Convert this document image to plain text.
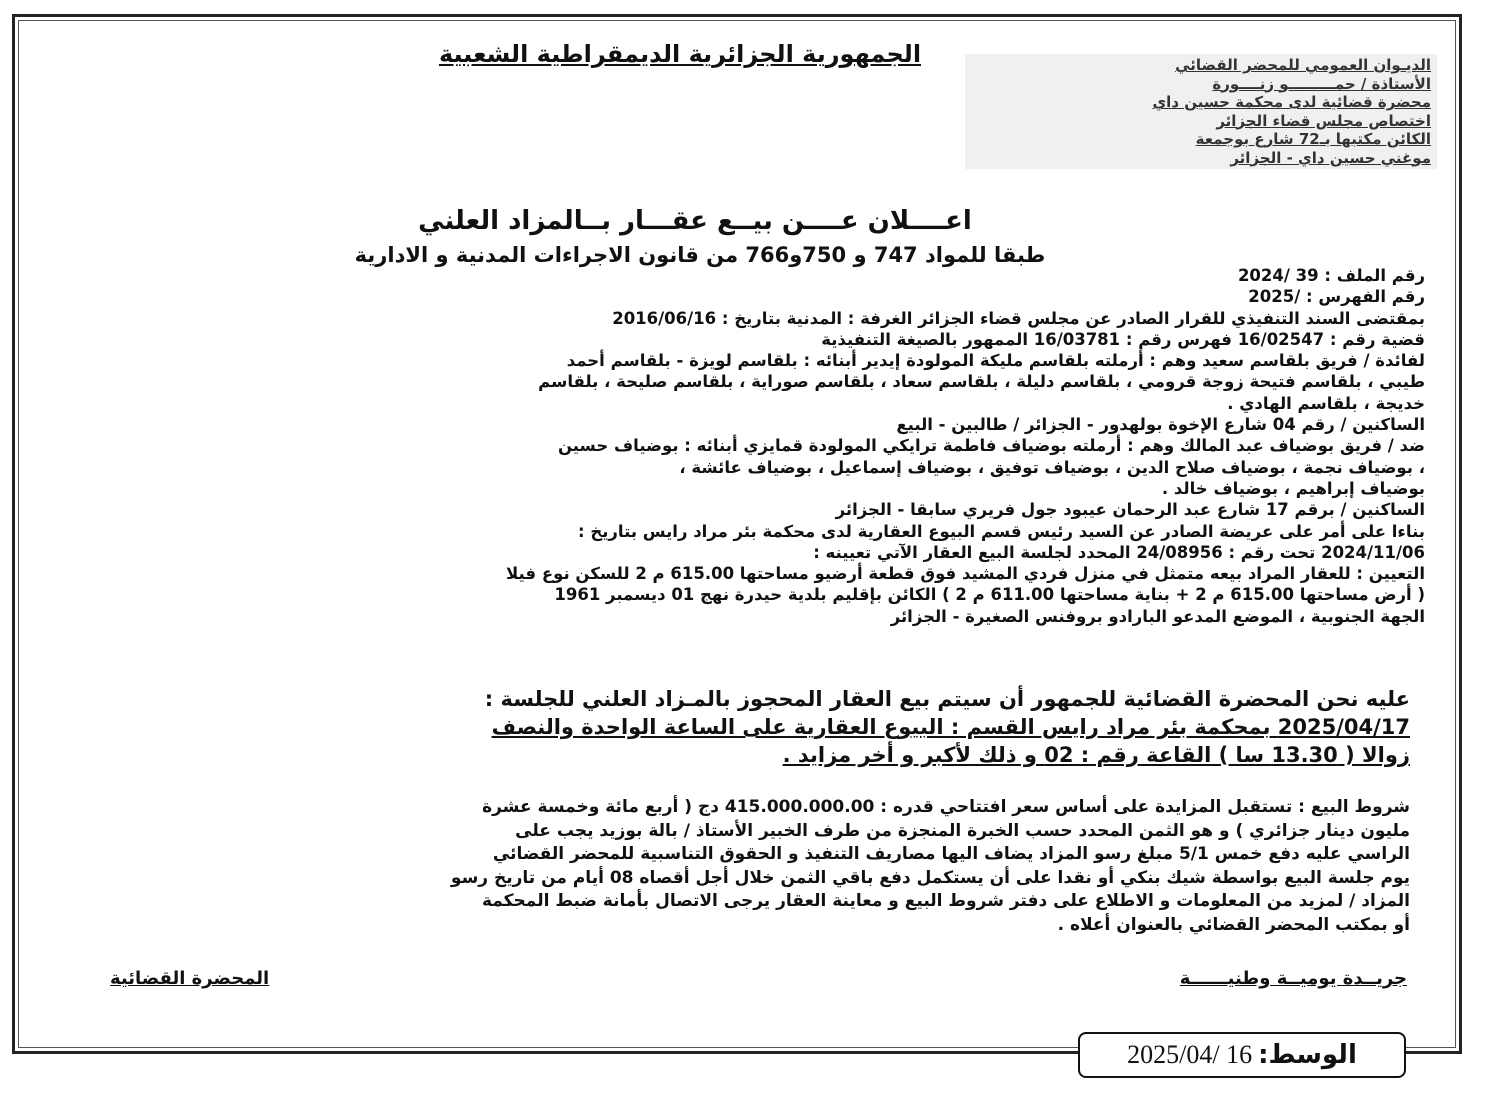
الجمهورية الجزائرية الديمقراطية الشعبية	الديـوان العمومي للمحضر القضائي
الأستاذة / حمـــــــــو زنــــورة
محضرة قضائية لدى محكمة حسين داي
اختصاص مجلس قضاء الجزائر
الكائن مكتبها بـ72 شارع بوجمعة
موغني حسين داي - الجزائر
اعــــلان عــــن بيــع عقـــار بــالمزاد العلني
طبقا للمواد 747 و 750و766 من قانون الاجراءات المدنية و الادارية
رقم الملف : 39 /2024
رقم الفهرس : /2025
بمقتضى السند التنفيذي للقرار الصادر عن مجلس قضاء الجزائر الغرفة : المدنية بتاريخ : 2016/06/16
قضية رقم : 16/02547 فهرس رقم : 16/03781 الممهور بالصيغة التنفيذية
لفائدة / فريق بلقاسم سعيد وهم : أرملته بلقاسم مليكة المولودة إيدير أبنائه : بلقاسم لويزة - بلقاسم أحمد
طيبي ، بلقاسم فتيحة زوجة قرومي ، بلقاسم دليلة ، بلقاسم سعاد ، بلقاسم صوراية ، بلقاسم صليحة ، بلقاسم
خديجة ، بلقاسم الهادي .
الساكنين / رقم 04 شارع الإخوة بولهدور - الجزائر / طالبين - البيع
ضد / فريق بوضياف عبد المالك وهم : أرملته بوضياف فاطمة ترايكي المولودة قمايزي أبنائه : بوضياف حسين
، بوضياف نجمة ، بوضياف صلاح الدين ، بوضياف توفيق ، بوضياف إسماعيل ، بوضياف عائشة ،
بوضياف إبراهيم ، بوضياف خالد .
الساكنين / برقم 17 شارع عبد الرحمان عيبود جول فريري سابقا - الجزائر
بناءا على أمر على عريضة الصادر عن السيد رئيس قسم البيوع العقارية لدى محكمة بئر مراد رايس بتاريخ :
2024/11/06 تحت رقم : 24/08956 المحدد لجلسة البيع العقار الآتي تعيينه :
التعيين : للعقار المراد بيعه متمثل في منزل فردي المشيد فوق قطعة أرضيو مساحتها 615.00 م 2 للسكن نوع فيلا
( أرض مساحتها 615.00 م 2 + بناية مساحتها 611.00 م 2 ) الكائن بإقليم بلدية حيدرة نهج 01 ديسمبر 1961
الجهة الجنوبية ، الموضع المدعو البارادو بروفنس الصغيرة - الجزائر
عليه نحن المحضرة القضائية للجمهور أن سيتم بيع العقار المحجوز بالمـزاد العلني للجلسة :
2025/04/17 بمحكمة بئر مراد رايس القسم : البيوع العقارية على الساعة الواحدة والنصف
زوالا ( 13.30 سا ) القاعة رقم : 02 و ذلك لأكبر و أخر مزايد .
شروط البيع : تستقبل المزايدة على أساس سعر افتتاحي قدره : 415.000.000.00 دج ( أربع مائة وخمسة عشرة
مليون دينار جزائري ) و هو الثمن المحدد حسب الخبرة المنجزة من طرف الخبير الأستاذ / بالة بوزيد يجب على
الراسي عليه دفع خمس 5/1 مبلغ رسو المزاد يضاف اليها مصاريف التنفيذ و الحقوق التناسبية للمحضر القضائي
يوم جلسة البيع بواسطة شيك بنكي أو نقدا على أن يستكمل دفع باقي الثمن خلال أجل أقصاه 08 أيام من تاريخ رسو
المزاد / لمزيد من المعلومات و الاطلاع على دفتر شروط البيع و معاينة العقار يرجى الاتصال بأمانة ضبط المحكمة
أو بمكتب المحضر القضائي بالعنوان أعلاه .
المحضرة القضائية	جريــدة يوميــة وطنيــــــة
الوسط:
2025/04/ 16
